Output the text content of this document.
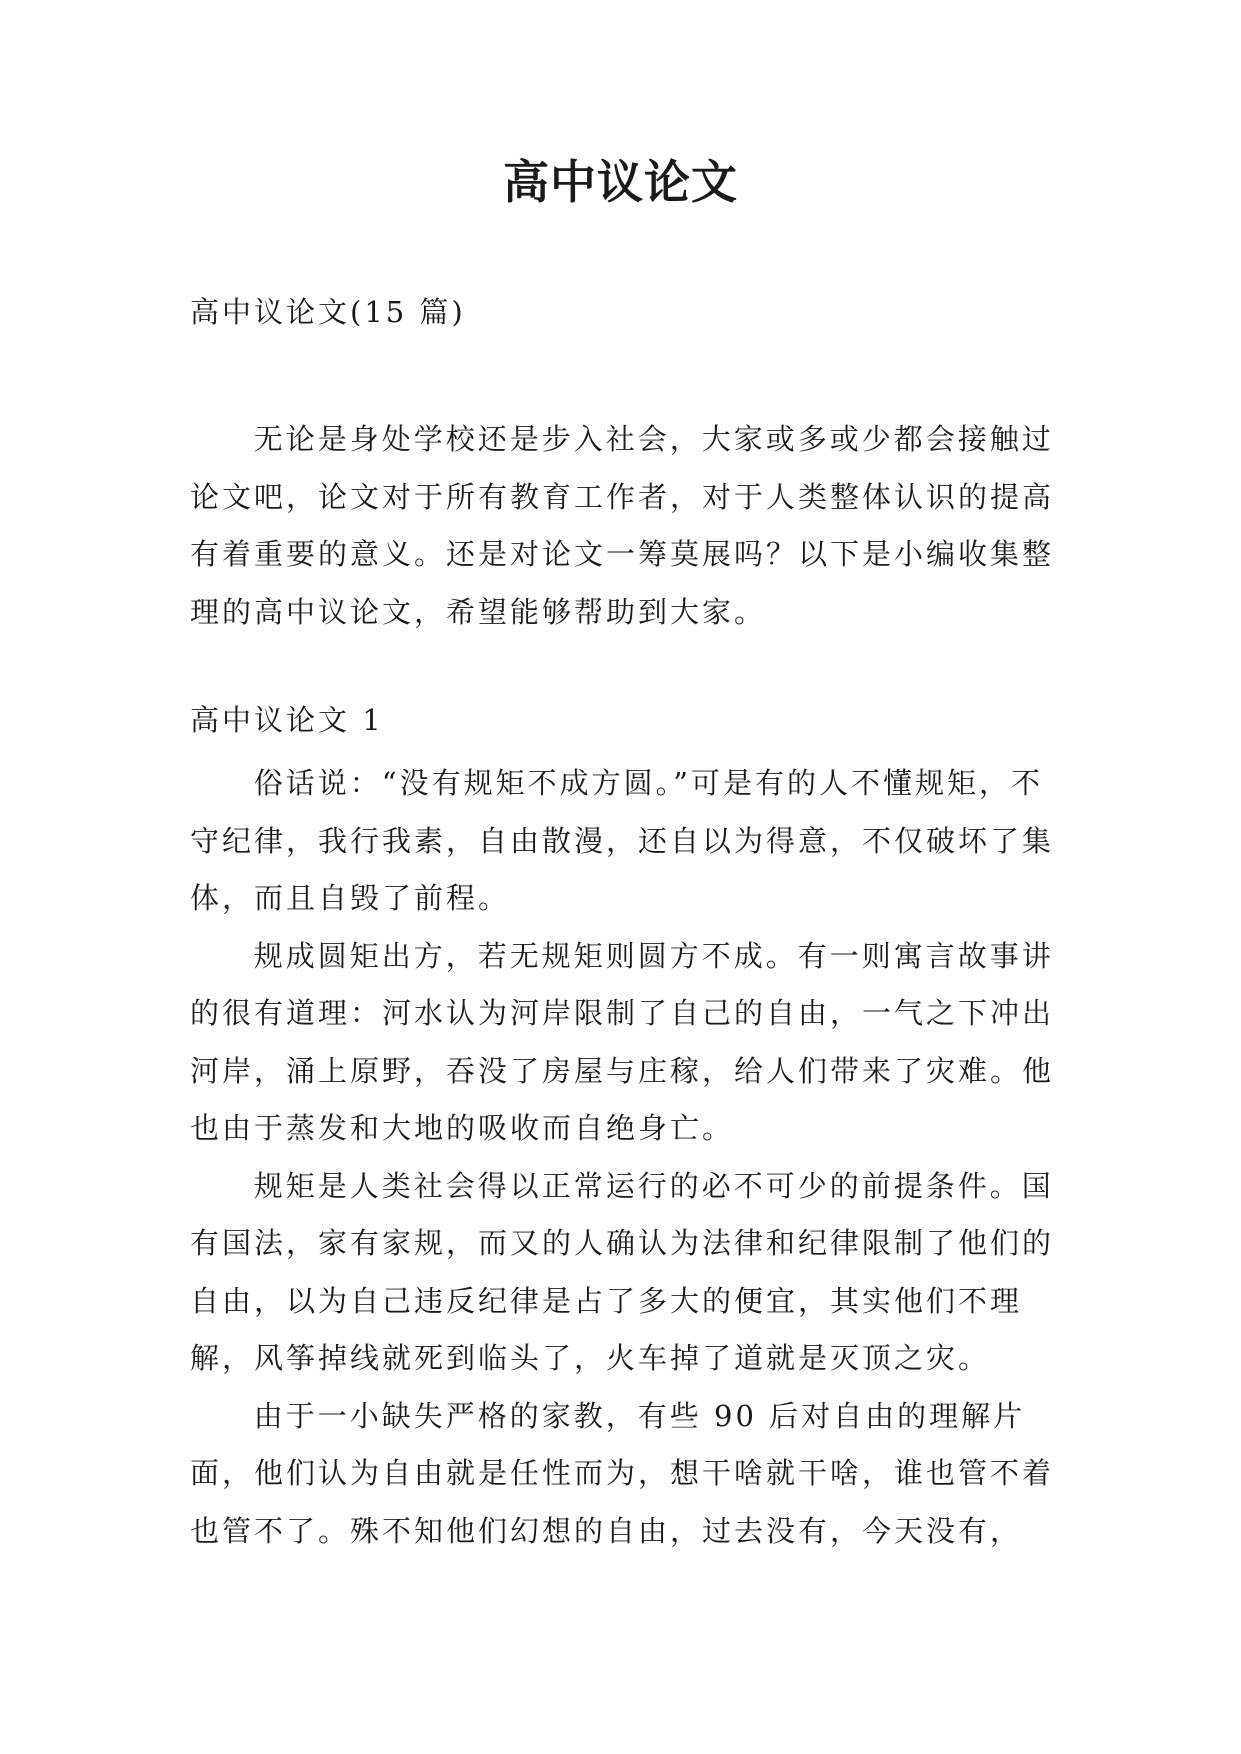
高中议论文
高中议论文(15 篇)

无论是身处学校还是步入社会，大家或多或少都会接触过论文吧，论文对于所有教育工作者，对于人类整体认识的提高有着重要的意义。还是对论文一筹莫展吗？以下是小编收集整理的高中议论文，希望能够帮助到大家。

高中议论文 1

俗话说：“没有规矩不成方圆。”可是有的人不懂规矩，不守纪律，我行我素，自由散漫，还自以为得意，不仅破坏了集体，而且自毁了前程。

规成圆矩出方，若无规矩则圆方不成。有一则寓言故事讲的很有道理：河水认为河岸限制了自己的自由，一气之下冲出河岸，涌上原野，吞没了房屋与庄稼，给人们带来了灾难。他也由于蒸发和大地的吸收而自绝身亡。

规矩是人类社会得以正常运行的必不可少的前提条件。国有国法，家有家规，而又的人确认为法律和纪律限制了他们的自由，以为自己违反纪律是占了多大的便宜，其实他们不理解，风筝掉线就死到临头了，火车掉了道就是灭顶之灾。

由于一小缺失严格的家教，有些 90 后对自由的理解片面，他们认为自由就是任性而为，想干啥就干啥，谁也管不着也管不了。殊不知他们幻想的自由，过去没有，今天没有，
